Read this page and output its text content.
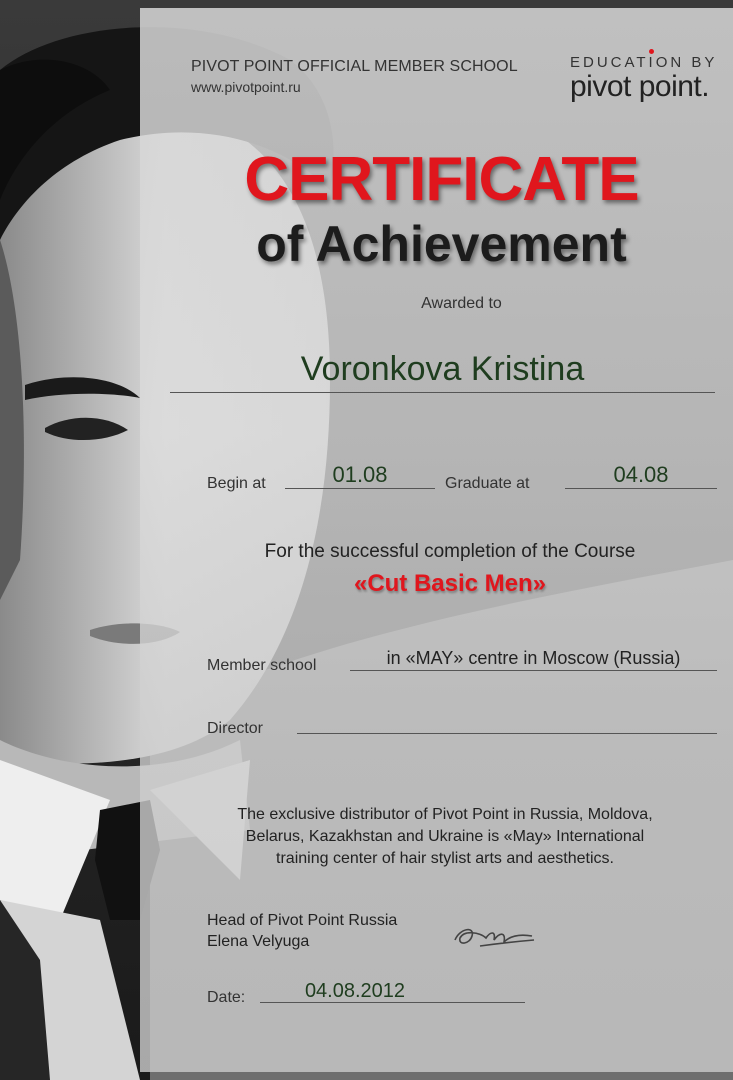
PIVOT POINT OFFICIAL MEMBER SCHOOL
www.pivotpoint.ru
EDUCATION BY
pivot point.
CERTIFICATE
of Achievement
Awarded to
Voronkova Kristina
Begin at	01.08	Graduate at	04.08
For the successful completion of the Course
«Cut Basic Men»
Member school	in «MAY» centre in Moscow (Russia)
Director
The exclusive distributor of Pivot Point in Russia, Moldova,
Belarus, Kazakhstan and Ukraine is «May» International
training center of hair stylist arts and aesthetics.
Head of Pivot Point Russia
Elena Velyuga
Date:	04.08.2012
